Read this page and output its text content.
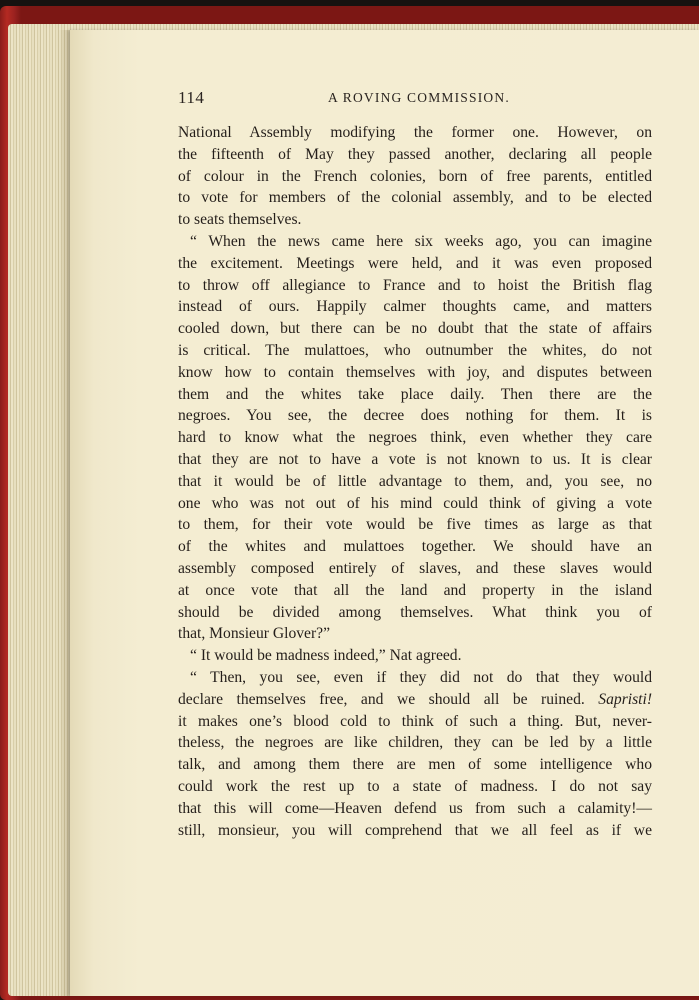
114	A ROVING COMMISSION.
National Assembly modifying the former one. However, on
the fifteenth of May they passed another, declaring all people
of colour in the French colonies, born of free parents, entitled
to vote for members of the colonial assembly, and to be elected
to seats themselves.
“ When the news came here six weeks ago, you can imagine
the excitement. Meetings were held, and it was even proposed
to throw off allegiance to France and to hoist the British flag
instead of ours. Happily calmer thoughts came, and matters
cooled down, but there can be no doubt that the state of affairs
is critical. The mulattoes, who outnumber the whites, do not
know how to contain themselves with joy, and disputes between
them and the whites take place daily. Then there are the
negroes. You see, the decree does nothing for them. It is
hard to know what the negroes think, even whether they care
that they are not to have a vote is not known to us. It is clear
that it would be of little advantage to them, and, you see, no
one who was not out of his mind could think of giving a vote
to them, for their vote would be five times as large as that
of the whites and mulattoes together. We should have an
assembly composed entirely of slaves, and these slaves would
at once vote that all the land and property in the island
should be divided among themselves. What think you of
that, Monsieur Glover?”
“ It would be madness indeed,” Nat agreed.
“ Then, you see, even if they did not do that they would
declare themselves free, and we should all be ruined. Sapristi!
it makes one’s blood cold to think of such a thing. But, never-
theless, the negroes are like children, they can be led by a little
talk, and among them there are men of some intelligence who
could work the rest up to a state of madness. I do not say
that this will come—Heaven defend us from such a calamity!—
still, monsieur, you will comprehend that we all feel as if we
